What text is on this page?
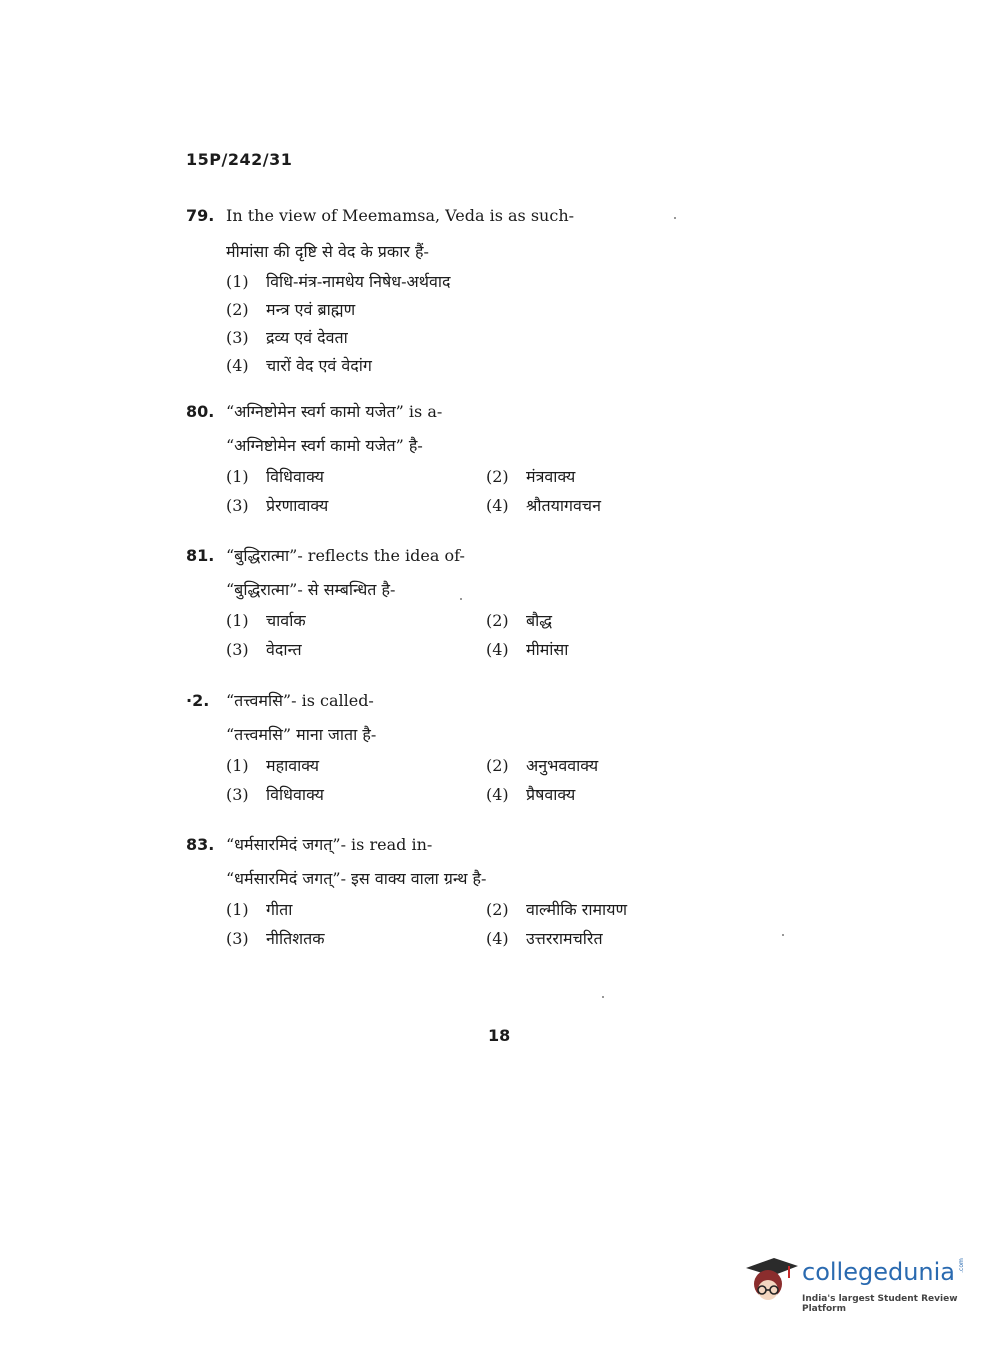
15P/242/31
79. In the view of Meemamsa, Veda is as such-
मीमांसा की दृष्टि से वेद के प्रकार हैं-
(1) विधि-मंत्र-नामधेय निषेध-अर्थवाद
(2) मन्त्र एवं ब्राह्मण
(3) द्रव्य एवं देवता
(4) चारों वेद एवं वेदांग
80. “अग्निष्टोमेन स्वर्ग कामो यजेत” is a-
“अग्निष्टोमेन स्वर्ग कामो यजेत” है-
(1) विधिवाक्य	(2) मंत्रवाक्य
(3) प्रेरणावाक्य	(4) श्रौतयागवचन
81. “बुद्धिरात्मा”- reflects the idea of-
“बुद्धिरात्मा”- से सम्बन्धित है-
(1) चार्वाक	(2) बौद्ध
(3) वेदान्त	(4) मीमांसा
·2.	“तत्त्वमसि”- is called-
“तत्त्वमसि” माना जाता है-
(1) महावाक्य	(2) अनुभववाक्य
(3) विधिवाक्य	(4) प्रैषवाक्य
83. “धर्मसारमिदं जगत्”- is read in-
“धर्मसारमिदं जगत्”- इस वाक्य वाला ग्रन्थ है-
(1) गीता	(2) वाल्मीकि रामायण
(3) नीतिशतक	(4) उत्तररामचरित
18
collegedunia .com
India's largest Student Review Platform
